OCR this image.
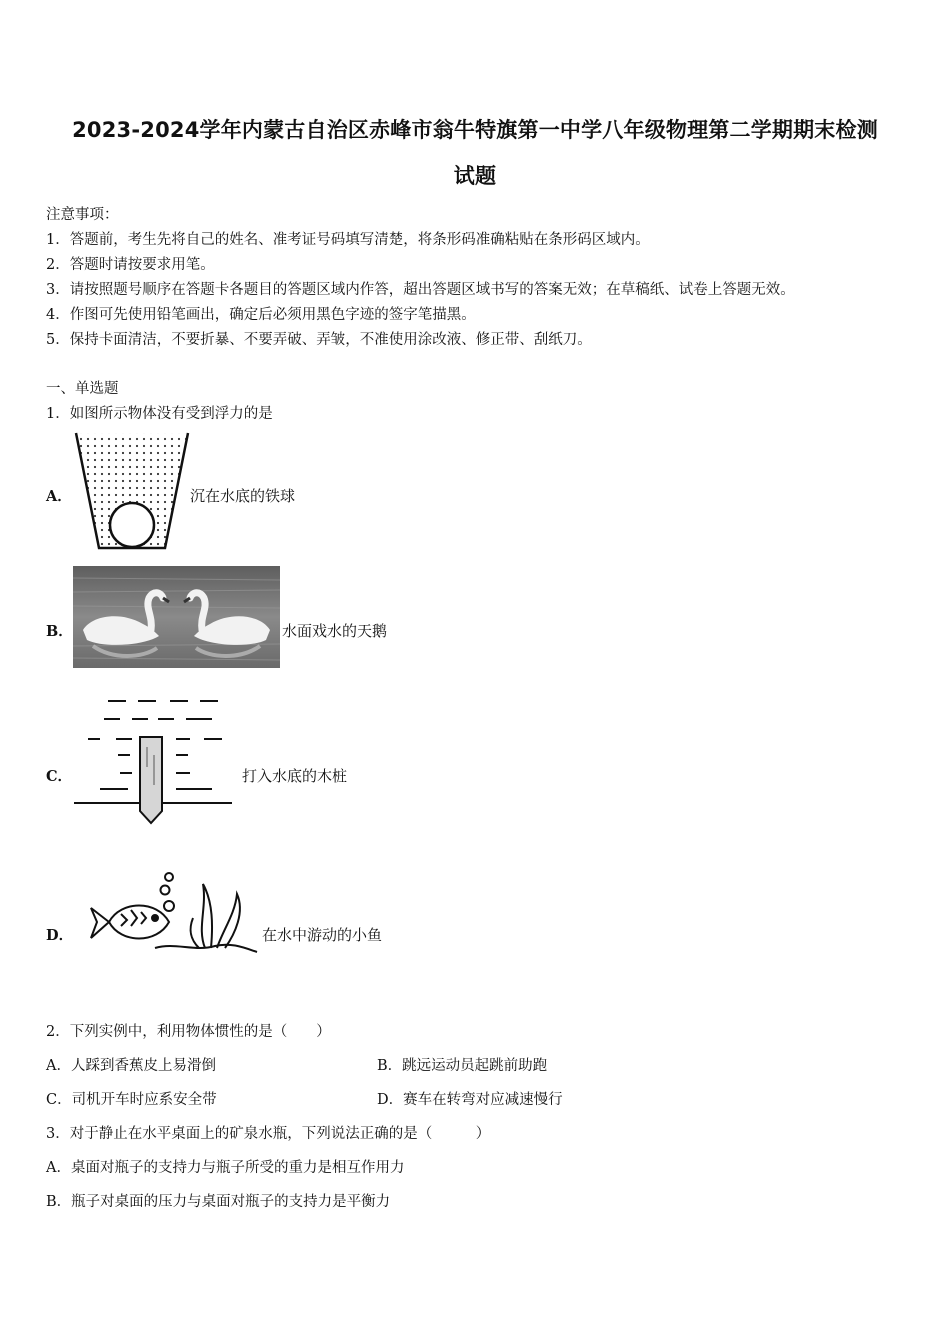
2023-2024学年内蒙古自治区赤峰市翁牛特旗第一中学八年级物理第二学期期末检测
试题
注意事项：
1．答题前，考生先将自己的姓名、准考证号码填写清楚，将条形码准确粘贴在条形码区域内。
2．答题时请按要求用笔。
3．请按照题号顺序在答题卡各题目的答题区域内作答，超出答题区域书写的答案无效；在草稿纸、试卷上答题无效。
4．作图可先使用铅笔画出，确定后必须用黑色字迹的签字笔描黑。
5．保持卡面清洁，不要折暴、不要弄破、弄皱，不准使用涂改液、修正带、刮纸刀。
一、单选题
1．如图所示物体没有受到浮力的是
A．	沉在水底的铁球
B．	水面戏水的天鹅
C．	打入水底的木桩
D．	在水中游动的小鱼
2．下列实例中，利用物体惯性的是（　　）
A．人踩到香蕉皮上易滑倒	B．跳远运动员起跳前助跑
C．司机开车时应系安全带	D．赛车在转弯对应减速慢行
3．对于静止在水平桌面上的矿泉水瓶，下列说法正确的是（　　　）
A．桌面对瓶子的支持力与瓶子所受的重力是相互作用力
B．瓶子对桌面的压力与桌面对瓶子的支持力是平衡力
